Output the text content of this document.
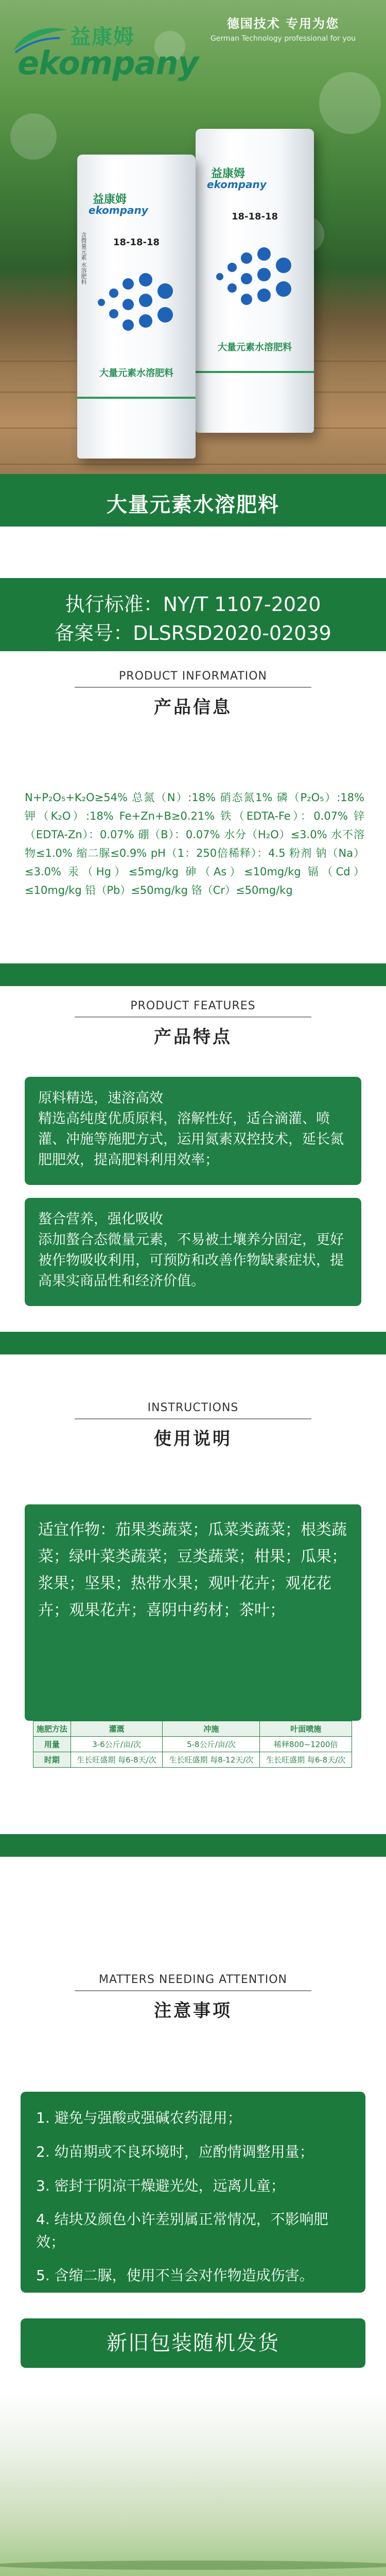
益康姆
ekompany
德国技术 专用为您
German Technology professional for you
益康姆
ekompany
18-18-18
大量元素水溶肥料
含微量元素 水溶肥料
益康姆
ekompany
18-18-18
大量元素水溶肥料
大量元素水溶肥料
执行标准：NY/T 1107-2020
备案号：DLSRSD2020-02039
PRODUCT INFORMATION
产品信息
N+P₂O₅+K₂O≥54% 总氮（N）:18% 硝态氮1% 磷（P₂O₅）:18% 钾（K₂O）:18% Fe+Zn+B≥0.21% 铁（EDTA-Fe）：0.07% 锌（EDTA-Zn）：0.07% 硼（B）：0.07% 水分（H₂O）≤3.0% 水不溶物≤1.0% 缩二脲≤0.9% pH（1：250倍稀释）：4.5 粉剂 钠（Na）≤3.0% 汞（Hg）≤5mg/kg 砷（As）≤10mg/kg 镉（Cd）≤10mg/kg 铅（Pb）≤50mg/kg 铬（Cr）≤50mg/kg
PRODUCT FEATURES
产品特点
原料精选，速溶高效
精选高纯度优质原料，溶解性好，适合滴灌、喷灌、冲施等施肥方式，运用氮素双控技术，延长氮肥肥效，提高肥料利用效率；
螯合营养，强化吸收
添加螯合态微量元素，不易被土壤养分固定，更好被作物吸收利用，可预防和改善作物缺素症状，提高果实商品性和经济价值。
INSTRUCTIONS
使用说明
适宜作物：茄果类蔬菜；瓜菜类蔬菜；根类蔬菜；绿叶菜类蔬菜；豆类蔬菜；柑果；瓜果；浆果；坚果；热带水果；观叶花卉；观花花卉；观果花卉；喜阴中药材；茶叶；
施肥方法	灌溉	冲施	叶面喷施
用量	3-6公斤/亩/次	5-8公斤/亩/次	稀释800~1200倍
时期	生长旺盛期 每6-8天/次	生长旺盛期 每8-12天/次	生长旺盛期 每6-8天/次
MATTERS NEEDING ATTENTION
注意事项
1. 避免与强酸或强碱农药混用；
2. 幼苗期或不良环境时，应酌情调整用量；
3. 密封于阴凉干燥避光处，远离儿童；
4. 结块及颜色小许差别属正常情况，不影响肥效；
5. 含缩二脲，使用不当会对作物造成伤害。
新旧包装随机发货
